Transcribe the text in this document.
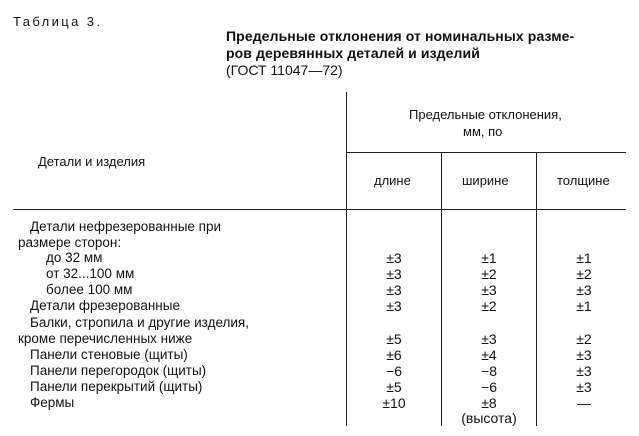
Таблица 3.
Предельные отклонения от номинальных разме-
ров деревянных деталей и изделий
(ГОСТ 11047—72)
Детали и изделия
Предельные отклонения,
мм, по
длине	ширине	толщине
Детали нефрезерованные при
размере сторон:
до 32 мм
от 32...100 мм
более 100 мм
Детали фрезерованные
Балки, стропила и другие изделия,
кроме перечисленных ниже
Панели стеновые (щиты)
Панели перегородок (щиты)
Панели перекрытий (щиты)
Фермы
±3
±3
±3
±3
±5
±6
−6
±5
±10
±1
±2
±3
±2
±3
±4
−8
−6
±8
(высота)
±1
±2
±3
±1
±2
±3
±3
±3
—
